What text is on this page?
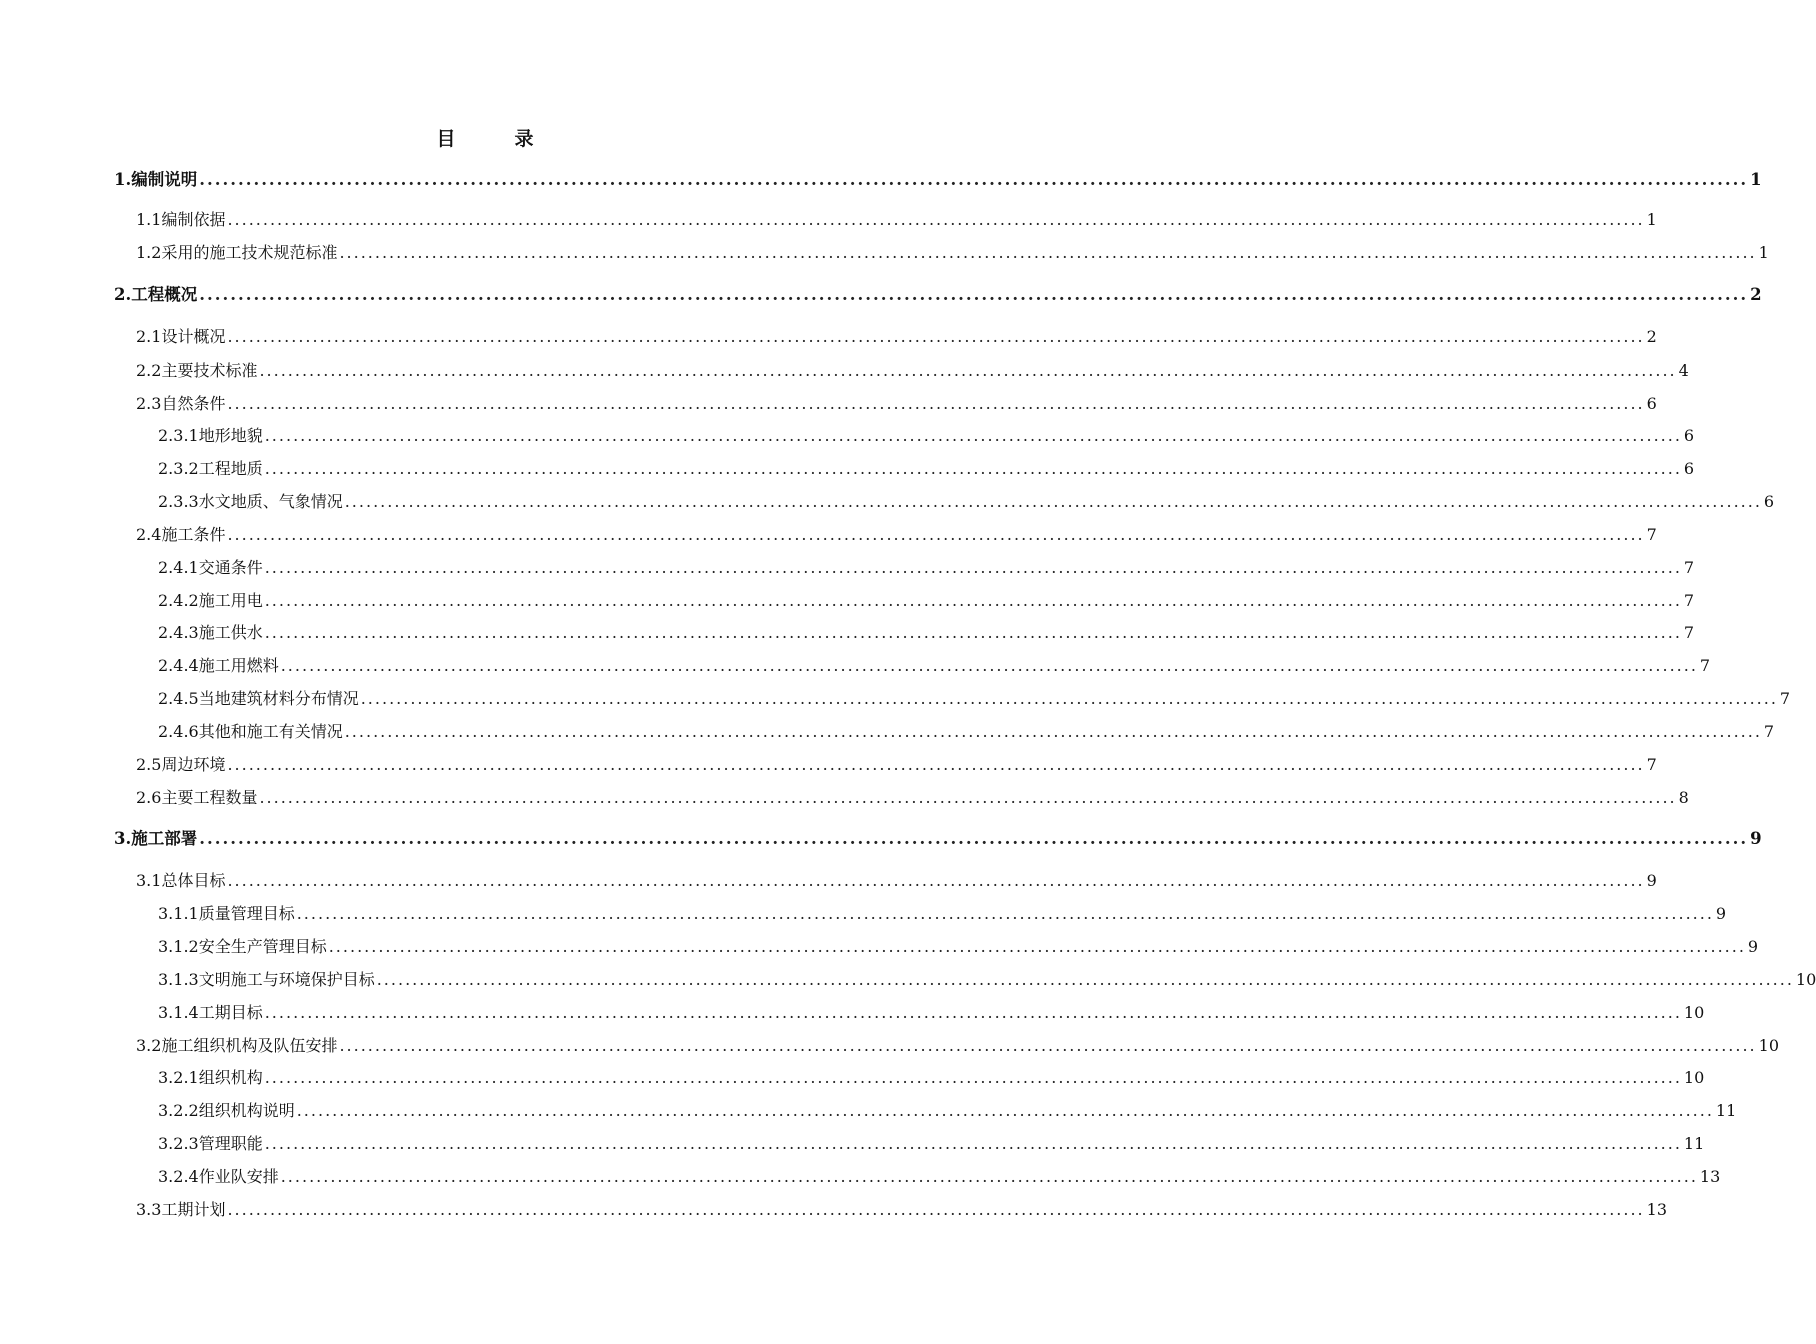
目　录
1.编制说明 ........................................................................................................................................................................................................ 1
1.1编制依据 ........................................................................................................................................................................................................ 1
1.2采用的施工技术规范标准 ........................................................................................................................................................................................................ 1
2.工程概况 ........................................................................................................................................................................................................ 2
2.1设计概况 ........................................................................................................................................................................................................ 2
2.2主要技术标准 ........................................................................................................................................................................................................ 4
2.3自然条件 ........................................................................................................................................................................................................ 6
2.3.1地形地貌 ........................................................................................................................................................................................................ 6
2.3.2工程地质 ........................................................................................................................................................................................................ 6
2.3.3水文地质、气象情况 ........................................................................................................................................................................................................ 6
2.4施工条件 ........................................................................................................................................................................................................ 7
2.4.1交通条件 ........................................................................................................................................................................................................ 7
2.4.2施工用电 ........................................................................................................................................................................................................ 7
2.4.3施工供水 ........................................................................................................................................................................................................ 7
2.4.4施工用燃料 ........................................................................................................................................................................................................ 7
2.4.5当地建筑材料分布情况 ........................................................................................................................................................................................................ 7
2.4.6其他和施工有关情况 ........................................................................................................................................................................................................ 7
2.5周边环境 ........................................................................................................................................................................................................ 7
2.6主要工程数量 ........................................................................................................................................................................................................ 8
3.施工部署 ........................................................................................................................................................................................................ 9
3.1总体目标 ........................................................................................................................................................................................................ 9
3.1.1质量管理目标 ........................................................................................................................................................................................................ 9
3.1.2安全生产管理目标 ........................................................................................................................................................................................................ 9
3.1.3文明施工与环境保护目标 ........................................................................................................................................................................................................ 10
3.1.4工期目标 ........................................................................................................................................................................................................ 10
3.2施工组织机构及队伍安排 ........................................................................................................................................................................................................ 10
3.2.1组织机构 ........................................................................................................................................................................................................ 10
3.2.2组织机构说明 ........................................................................................................................................................................................................ 11
3.2.3管理职能 ........................................................................................................................................................................................................ 11
3.2.4作业队安排 ........................................................................................................................................................................................................ 13
3.3工期计划 ........................................................................................................................................................................................................ 13
